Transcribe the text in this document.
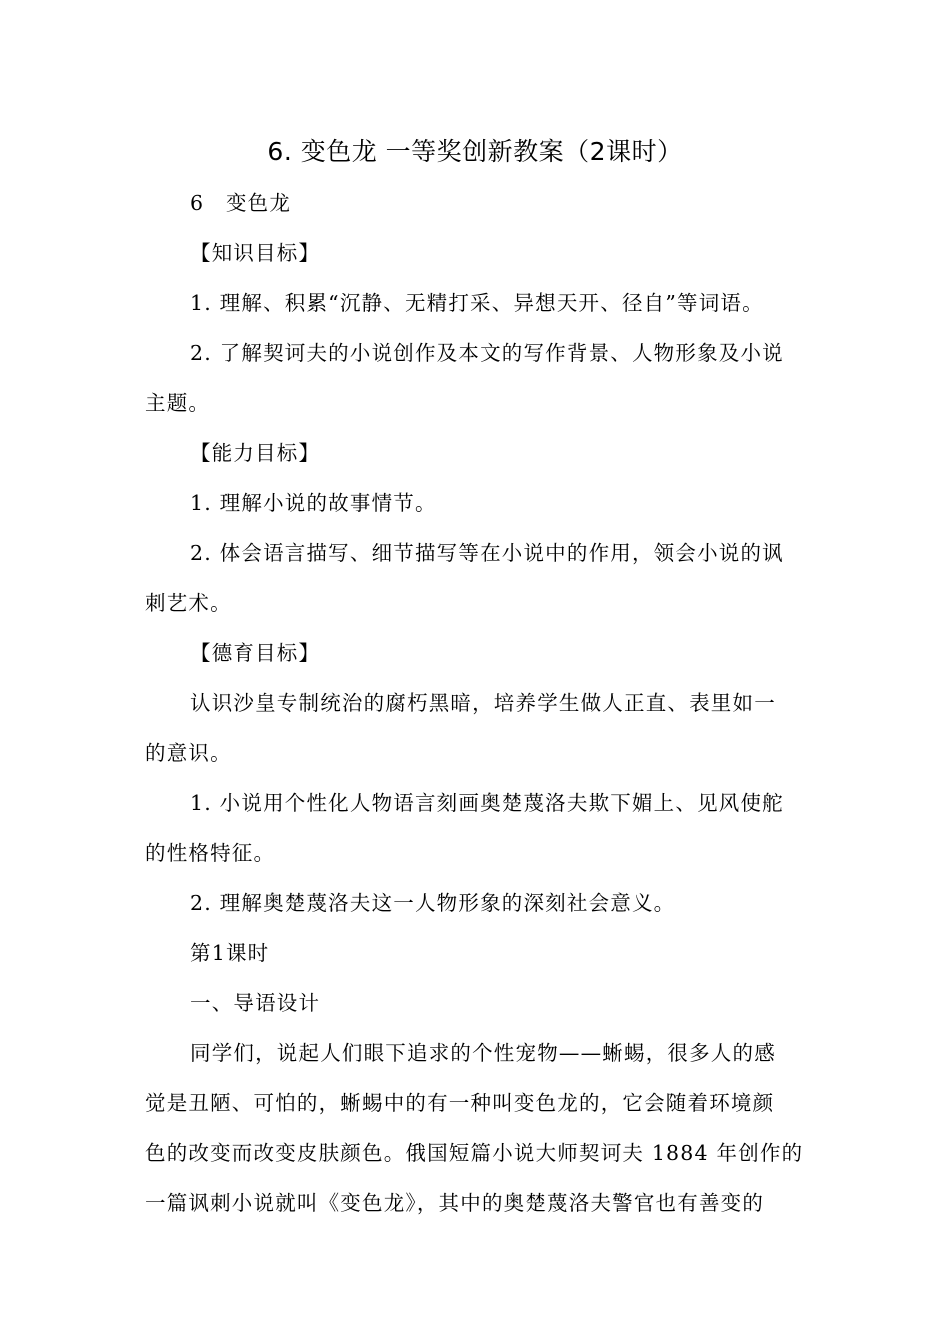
6. 变色龙 一等奖创新教案（2课时）
6　变色龙
【知识目标】
1. 理解、积累“沉静、无精打采、异想天开、径自”等词语。
2. 了解契诃夫的小说创作及本文的写作背景、人物形象及小说
主题。
【能力目标】
1. 理解小说的故事情节。
2. 体会语言描写、细节描写等在小说中的作用，领会小说的讽
刺艺术。
【德育目标】
认识沙皇专制统治的腐朽黑暗，培养学生做人正直、表里如一
的意识。
1. 小说用个性化人物语言刻画奥楚蔑洛夫欺下媚上、见风使舵
的性格特征。
2. 理解奥楚蔑洛夫这一人物形象的深刻社会意义。
第1课时
一、导语设计
同学们，说起人们眼下追求的个性宠物——蜥蜴，很多人的感
觉是丑陋、可怕的，蜥蜴中的有一种叫变色龙的，它会随着环境颜
色的改变而改变皮肤颜色。俄国短篇小说大师契诃夫 1884 年创作的
一篇讽刺小说就叫《变色龙》，其中的奥楚蔑洛夫警官也有善变的
